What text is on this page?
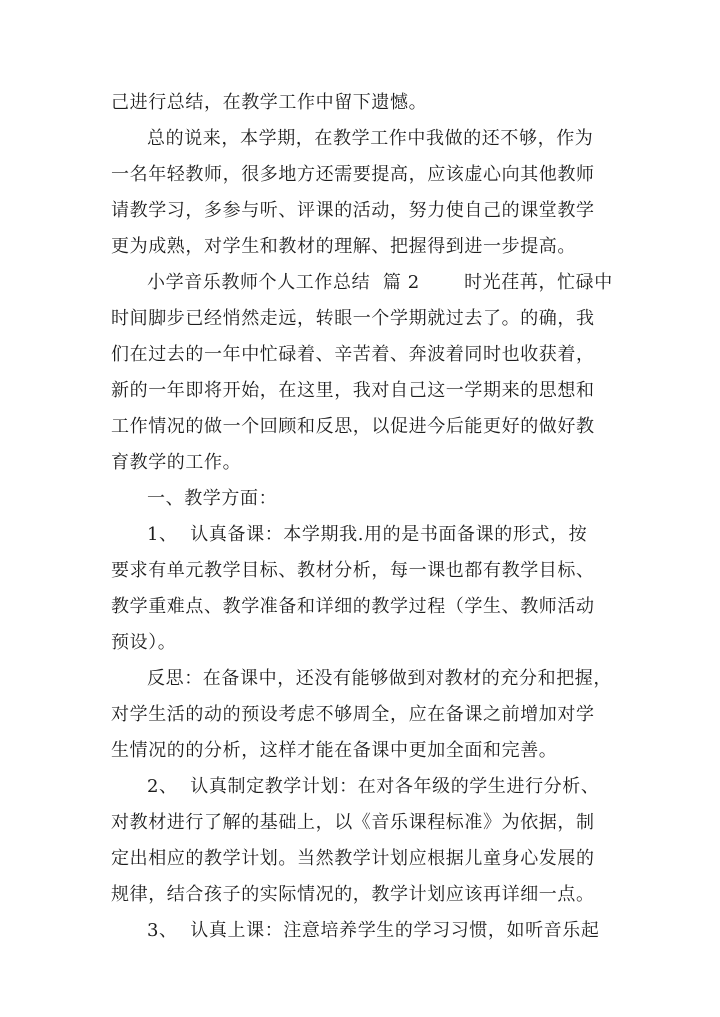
己进行总结，在教学工作中留下遗憾。
总的说来，本学期，在教学工作中我做的还不够，作为
一名年轻教师，很多地方还需要提高，应该虚心向其他教师
请教学习，多参与听、评课的活动，努力使自己的课堂教学
更为成熟，对学生和教材的理解、把握得到进一步提高。
小学音乐教师个人工作总结  篇 2       时光荏苒，忙碌中
时间脚步已经悄然走远，转眼一个学期就过去了。的确，我
们在过去的一年中忙碌着、辛苦着、奔波着同时也收获着，
新的一年即将开始，在这里，我对自己这一学期来的思想和
工作情况的做一个回顾和反思，以促进今后能更好的做好教
育教学的工作。
一、教学方面：
1、  认真备课：本学期我.用的是书面备课的形式，按
要求有单元教学目标、教材分析，每一课也都有教学目标、
教学重难点、教学准备和详细的教学过程（学生、教师活动
预设）。
反思：在备课中，还没有能够做到对教材的充分和把握，
对学生活的动的预设考虑不够周全，应在备课之前增加对学
生情况的的分析，这样才能在备课中更加全面和完善。
2、  认真制定教学计划：在对各年级的学生进行分析、
对教材进行了解的基础上，以《音乐课程标准》为依据，制
定出相应的教学计划。当然教学计划应根据儿童身心发展的
规律，结合孩子的实际情况的，教学计划应该再详细一点。
3、  认真上课：注意培养学生的学习习惯，如听音乐起
